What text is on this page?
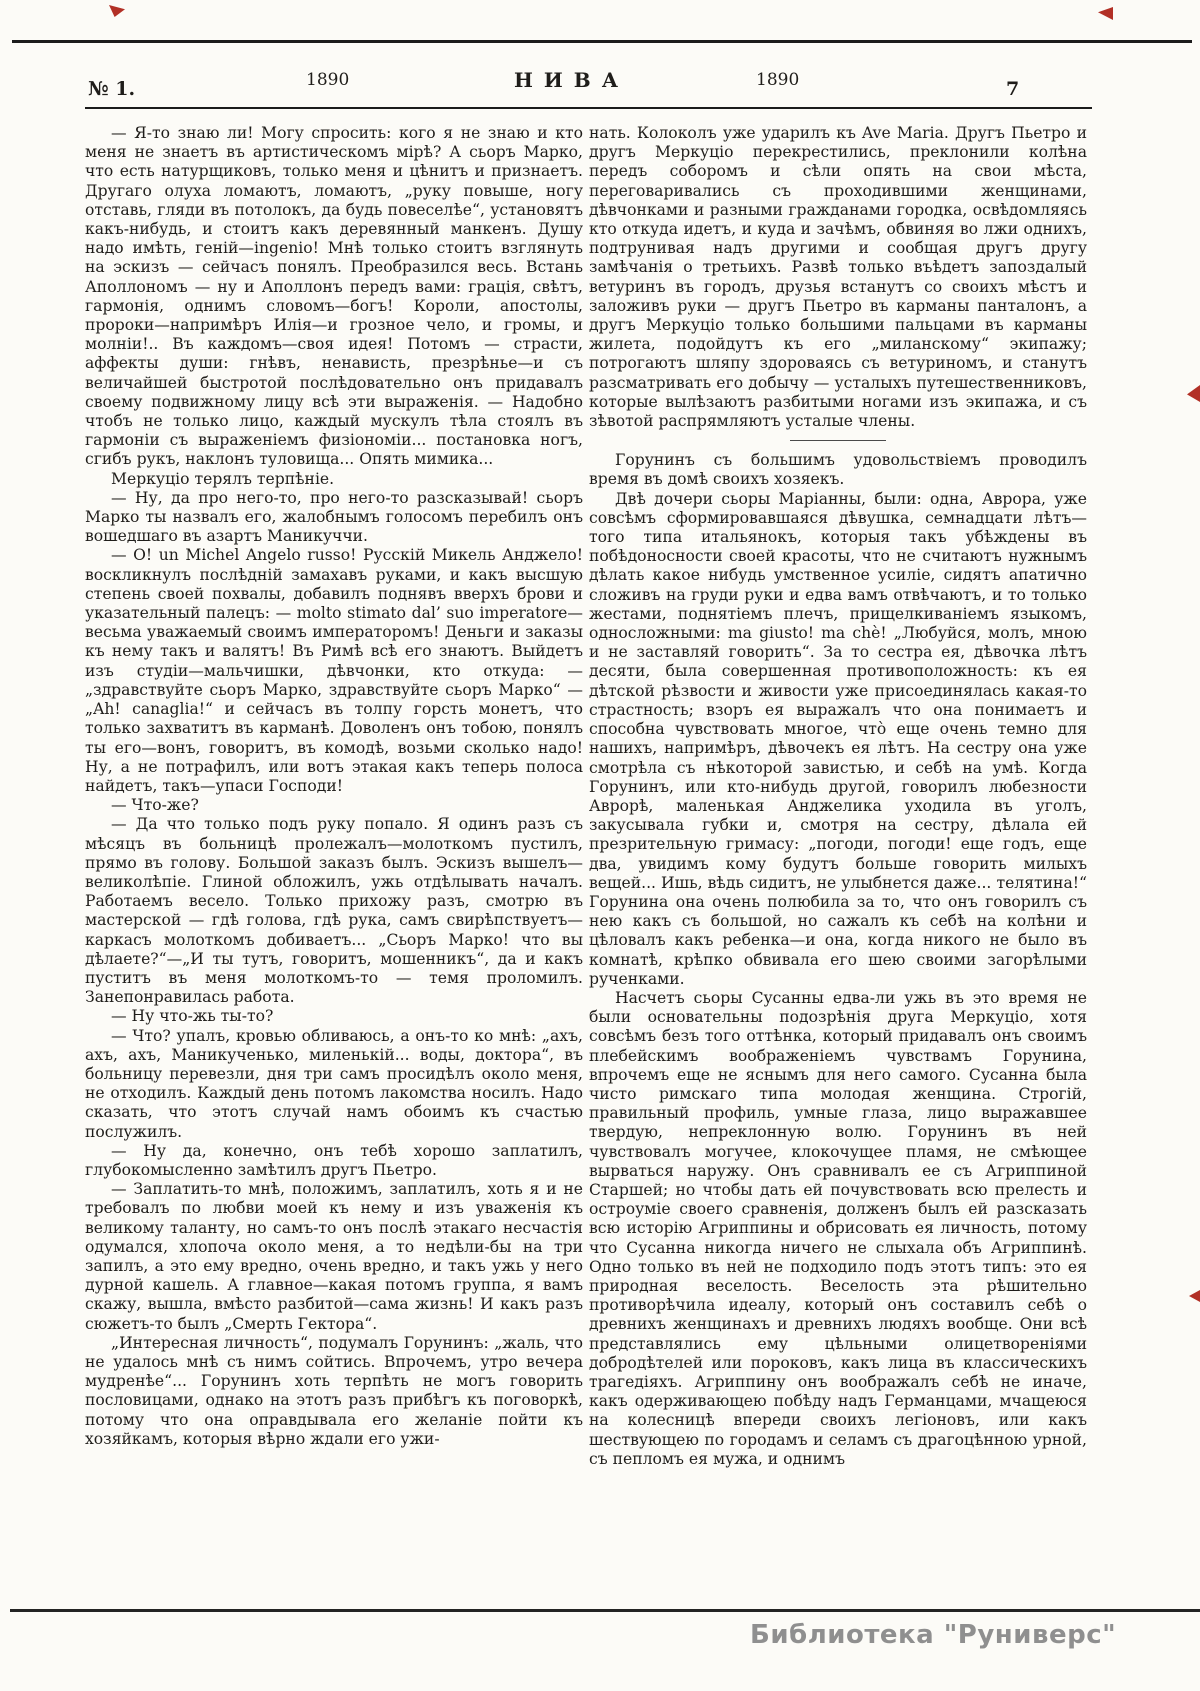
№ 1.	1890	НИВА	1890	7

— Я-то знаю ли! Могу спросить: кого я не знаю и кто меня не знаетъ въ артистическомъ мірѣ? А сьоръ Марко, что есть натурщиковъ, только меня и цѣнитъ и признаетъ. Другаго олуха ломаютъ, ломаютъ, „руку повыше, ногу отставь, гляди въ потолокъ, да будь повеселѣе“, установятъ какъ-нибудь, и стоитъ какъ деревянный манкенъ. Душу надо имѣть, геній—ingenio! Мнѣ только стоитъ взглянуть на эскизъ — сейчасъ понялъ. Преобразился весь. Встань Аполлономъ — ну и Аполлонъ передъ вами: грація, свѣтъ, гармонія, однимъ словомъ—богъ! Короли, апостолы, пророки—напримѣръ Илія—и грозное чело, и громы, и молніи!.. Въ каждомъ—своя идея! Потомъ — страсти, аффекты души: гнѣвъ, ненависть, презрѣнье—и съ величайшей быстротой послѣдовательно онъ придавалъ своему подвижному лицу всѣ эти выраженія. — Надобно чтобъ не только лицо, каждый мускулъ тѣла стоялъ въ гармоніи съ выраженіемъ физіономіи... постановка ногъ, сгибъ рукъ, наклонъ туловища... Опять мимика...

Меркуціо терялъ терпѣніе.

— Ну, да про него-то, про него-то разсказывай! сьоръ Марко ты назвалъ его, жалобнымъ голосомъ перебилъ онъ вошедшаго въ азартъ Маникуччи.

— О! un Michel Angelo russo! Русскій Микель Анджело! воскликнулъ послѣдній замахавъ руками, и какъ высшую степень своей похвалы, добавилъ поднявъ вверхъ брови и указательный палецъ: — molto stimato dal’ suo imperatore—весьма уважаемый своимъ императоромъ! Деньги и заказы къ нему такъ и валятъ! Въ Римѣ всѣ его знаютъ. Выйдетъ изъ студіи—мальчишки, дѣвчонки, кто откуда: — „здравствуйте сьоръ Марко, здравствуйте сьоръ Марко“ — „Ah! canaglia!“ и сейчасъ въ толпу горсть монетъ, что только захватитъ въ карманѣ. Доволенъ онъ тобою, понялъ ты его—вонъ, говоритъ, въ комодѣ, возьми сколько надо! Ну, а не потрафилъ, или вотъ этакая какъ теперь полоса найдетъ, такъ—упаси Господи!

— Что-же?

— Да что только подъ руку попало. Я одинъ разъ съ мѣсяцъ въ больницѣ пролежалъ—молоткомъ пустилъ, прямо въ голову. Большой заказъ былъ. Эскизъ вышелъ—великолѣпіе. Глиной обложилъ, ужь отдѣлывать началъ. Работаемъ весело. Только прихожу разъ, смотрю въ мастерской — гдѣ голова, гдѣ рука, самъ свирѣпствуетъ—каркасъ молоткомъ добиваетъ... „Сьоръ Марко! что вы дѣлаете?“—„И ты тутъ, говоритъ, мошенникъ“, да и какъ пуститъ въ меня молоткомъ-то — темя проломилъ. Занепонравилась работа.

— Ну что-жь ты-то?

— Что? упалъ, кровью обливаюсь, а онъ-то ко мнѣ: „ахъ, ахъ, ахъ, Маникученько, миленькій... воды, доктора“, въ больницу перевезли, дня три самъ просидѣлъ около меня, не отходилъ. Каждый день потомъ лакомства носилъ. Надо сказать, что этотъ случай намъ обоимъ къ счастью послужилъ.

— Ну да, конечно, онъ тебѣ хорошо заплатилъ, глубокомысленно замѣтилъ другъ Пьетро.

— Заплатить-то мнѣ, положимъ, заплатилъ, хоть я и не требовалъ по любви моей къ нему и изъ уваженія къ великому таланту, но самъ-то онъ послѣ этакаго несчастія одумался, хлопоча около меня, а то недѣли-бы на три запилъ, а это ему вредно, очень вредно, и такъ ужь у него дурной кашель. А главное—какая потомъ группа, я вамъ скажу, вышла, вмѣсто разбитой—сама жизнь! И какъ разъ сюжетъ-то былъ „Смерть Гектора“.

„Интересная личность“, подумалъ Горунинъ: „жаль, что не удалось мнѣ съ нимъ сойтись. Впрочемъ, утро вечера мудренѣе“... Горунинъ хоть терпѣть не могъ говорить пословицами, однако на этотъ разъ прибѣгъ къ поговоркѣ, потому что она оправдывала его желаніе пойти къ хозяйкамъ, которыя вѣрно ждали его ужи-

нать. Колоколъ уже ударилъ къ Ave Maria. Другъ Пьетро и другъ Меркуціо перекрестились, преклонили колѣна передъ соборомъ и сѣли опять на свои мѣста, переговаривались съ проходившими женщинами, дѣвчонками и разными гражданами городка, освѣдомляясь кто откуда идетъ, и куда и зачѣмъ, обвиняя во лжи однихъ, подтрунивая надъ другими и сообщая другъ другу замѣчанія о третьихъ. Развѣ только въѣдетъ запоздалый ветуринъ въ городъ, друзья встанутъ со своихъ мѣстъ и заложивъ руки — другъ Пьетро въ карманы панталонъ, а другъ Меркуціо только большими пальцами въ карманы жилета, подойдутъ къ его „миланскому“ экипажу; потрогаютъ шляпу здороваясь съ ветуриномъ, и станутъ разсматривать его добычу — усталыхъ путешественниковъ, которые вылѣзаютъ разбитыми ногами изъ экипажа, и съ зѣвотой распрямляютъ усталые члены.

Горунинъ съ большимъ удовольствіемъ проводилъ время въ домѣ своихъ хозяекъ.

Двѣ дочери сьоры Маріанны, были: одна, Аврора, уже совсѣмъ сформировавшаяся дѣвушка, семнадцати лѣтъ—того типа итальянокъ, которыя такъ убѣждены въ побѣдоносности своей красоты, что не считаютъ нужнымъ дѣлать какое нибудь умственное усиліе, сидятъ апатично сложивъ на груди руки и едва вамъ отвѣчаютъ, и то только жестами, поднятіемъ плечъ, прищелкиваніемъ языкомъ, односложными: ma giusto! ma chè! „Любуйся, молъ, мною и не заставляй говорить“. За то сестра ея, дѣвочка лѣтъ десяти, была совершенная противоположность: къ ея дѣтской рѣзвости и живости уже присоединялась какая-то страстность; взоръ ея выражалъ что она понимаетъ и способна чувствовать многое, чтò еще очень темно для нашихъ, напримѣръ, дѣвочекъ ея лѣтъ. На сестру она уже смотрѣла съ нѣкоторой завистью, и себѣ на умѣ. Когда Горунинъ, или кто-нибудь другой, говорилъ любезности Аврорѣ, маленькая Анджелика уходила въ уголъ, закусывала губки и, смотря на сестру, дѣлала ей презрительную гримасу: „погоди, погоди! еще годъ, еще два, увидимъ кому будутъ больше говорить милыхъ вещей... Ишь, вѣдь сидитъ, не улыбнется даже... телятина!“ Горунина она очень полюбила за то, что онъ говорилъ съ нею какъ съ большой, но сажалъ къ себѣ на колѣни и цѣловалъ какъ ребенка—и она, когда никого не было въ комнатѣ, крѣпко обвивала его шею своими загорѣлыми рученками.

Насчетъ сьоры Сусанны едва-ли ужь въ это время не были основательны подозрѣнія друга Меркуціо, хотя совсѣмъ безъ того оттѣнка, который придавалъ онъ своимъ плебейскимъ воображеніемъ чувствамъ Горунина, впрочемъ еще не яснымъ для него самого. Сусанна была чисто римскаго типа молодая женщина. Строгій, правильный профиль, умные глаза, лицо выражавшее твердую, непреклонную волю. Горунинъ въ ней чувствовалъ могучее, клокочущее пламя, не смѣющее вырваться наружу. Онъ сравнивалъ ее съ Агриппиной Старшей; но чтобы дать ей почувствовать всю прелесть и остроуміе своего сравненія, долженъ былъ ей разсказать всю исторію Агриппины и обрисовать ея личность, потому что Сусанна никогда ничего не слыхала объ Агриппинѣ. Одно только въ ней не подходило подъ этотъ типъ: это ея природная веселость. Веселость эта рѣшительно противорѣчила идеалу, который онъ составилъ себѣ о древнихъ женщинахъ и древнихъ людяхъ вообще. Они всѣ представлялись ему цѣльными олицетвореніями добродѣтелей или пороковъ, какъ лица въ классическихъ трагедіяхъ. Агриппину онъ воображалъ себѣ не иначе, какъ одерживающею побѣду надъ Германцами, мчащеюся на колесницѣ впереди своихъ легіоновъ, или какъ шествующею по городамъ и селамъ съ драгоцѣнною урной, съ пепломъ ея мужа, и однимъ

Библиотека "Руниверс"
